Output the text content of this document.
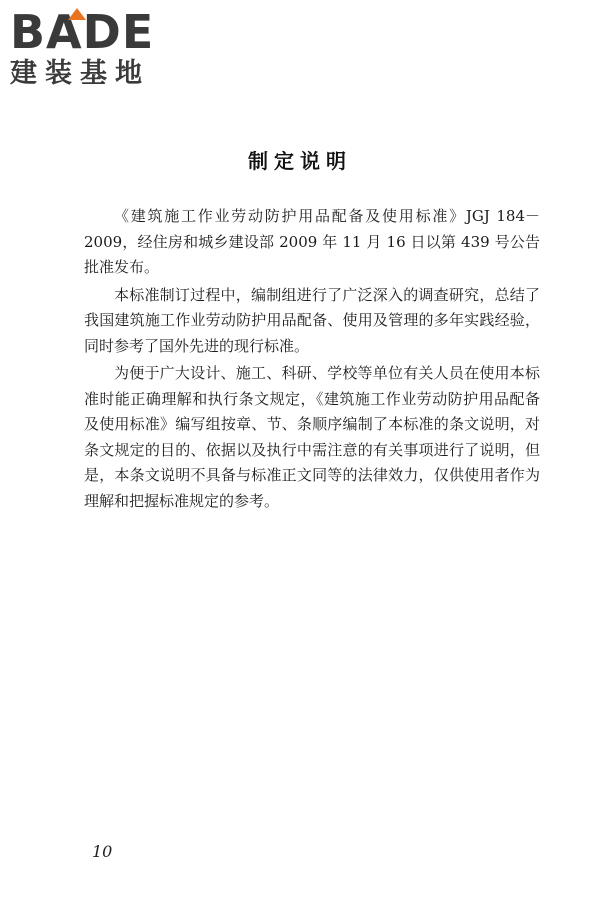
BADE
建装基地
制定说明

《建筑施工作业劳动防护用品配备及使用标准》JGJ 184－2009，经住房和城乡建设部 2009 年 11 月 16 日以第 439 号公告批准发布。

本标准制订过程中，编制组进行了广泛深入的调查研究，总结了我国建筑施工作业劳动防护用品配备、使用及管理的多年实践经验，同时参考了国外先进的现行标准。

为便于广大设计、施工、科研、学校等单位有关人员在使用本标准时能正确理解和执行条文规定，《建筑施工作业劳动防护用品配备及使用标准》编写组按章、节、条顺序编制了本标准的条文说明，对条文规定的目的、依据以及执行中需注意的有关事项进行了说明，但是，本条文说明不具备与标准正文同等的法律效力，仅供使用者作为理解和把握标准规定的参考。

10
